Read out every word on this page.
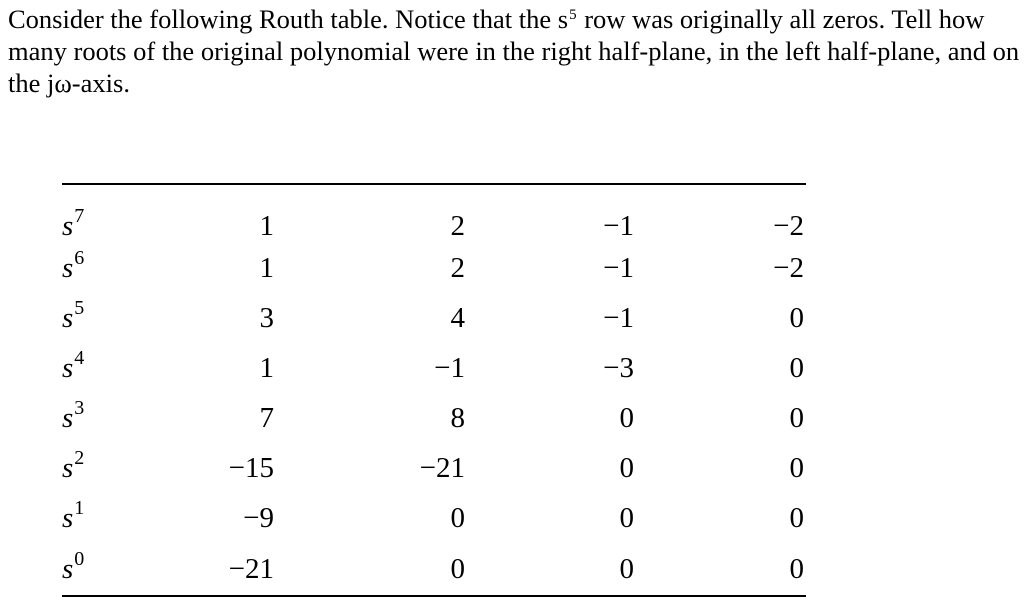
Consider the following Routh table. Notice that the $s^5$ row was originally all zeros. Tell how many roots of the original polynomial were in the right half-plane, in the left half-plane, and on the jω-axis.
$s^7$	1	2	−1	−2
$s^6$	1	2	−1	−2
$s^5$	3	4	−1	0
$s^4$	1	−1	−3	0
$s^3$	7	8	0	0
$s^2$	−15	−21	0	0
$s^1$	−9	0	0	0
$s^0$	−21	0	0	0
